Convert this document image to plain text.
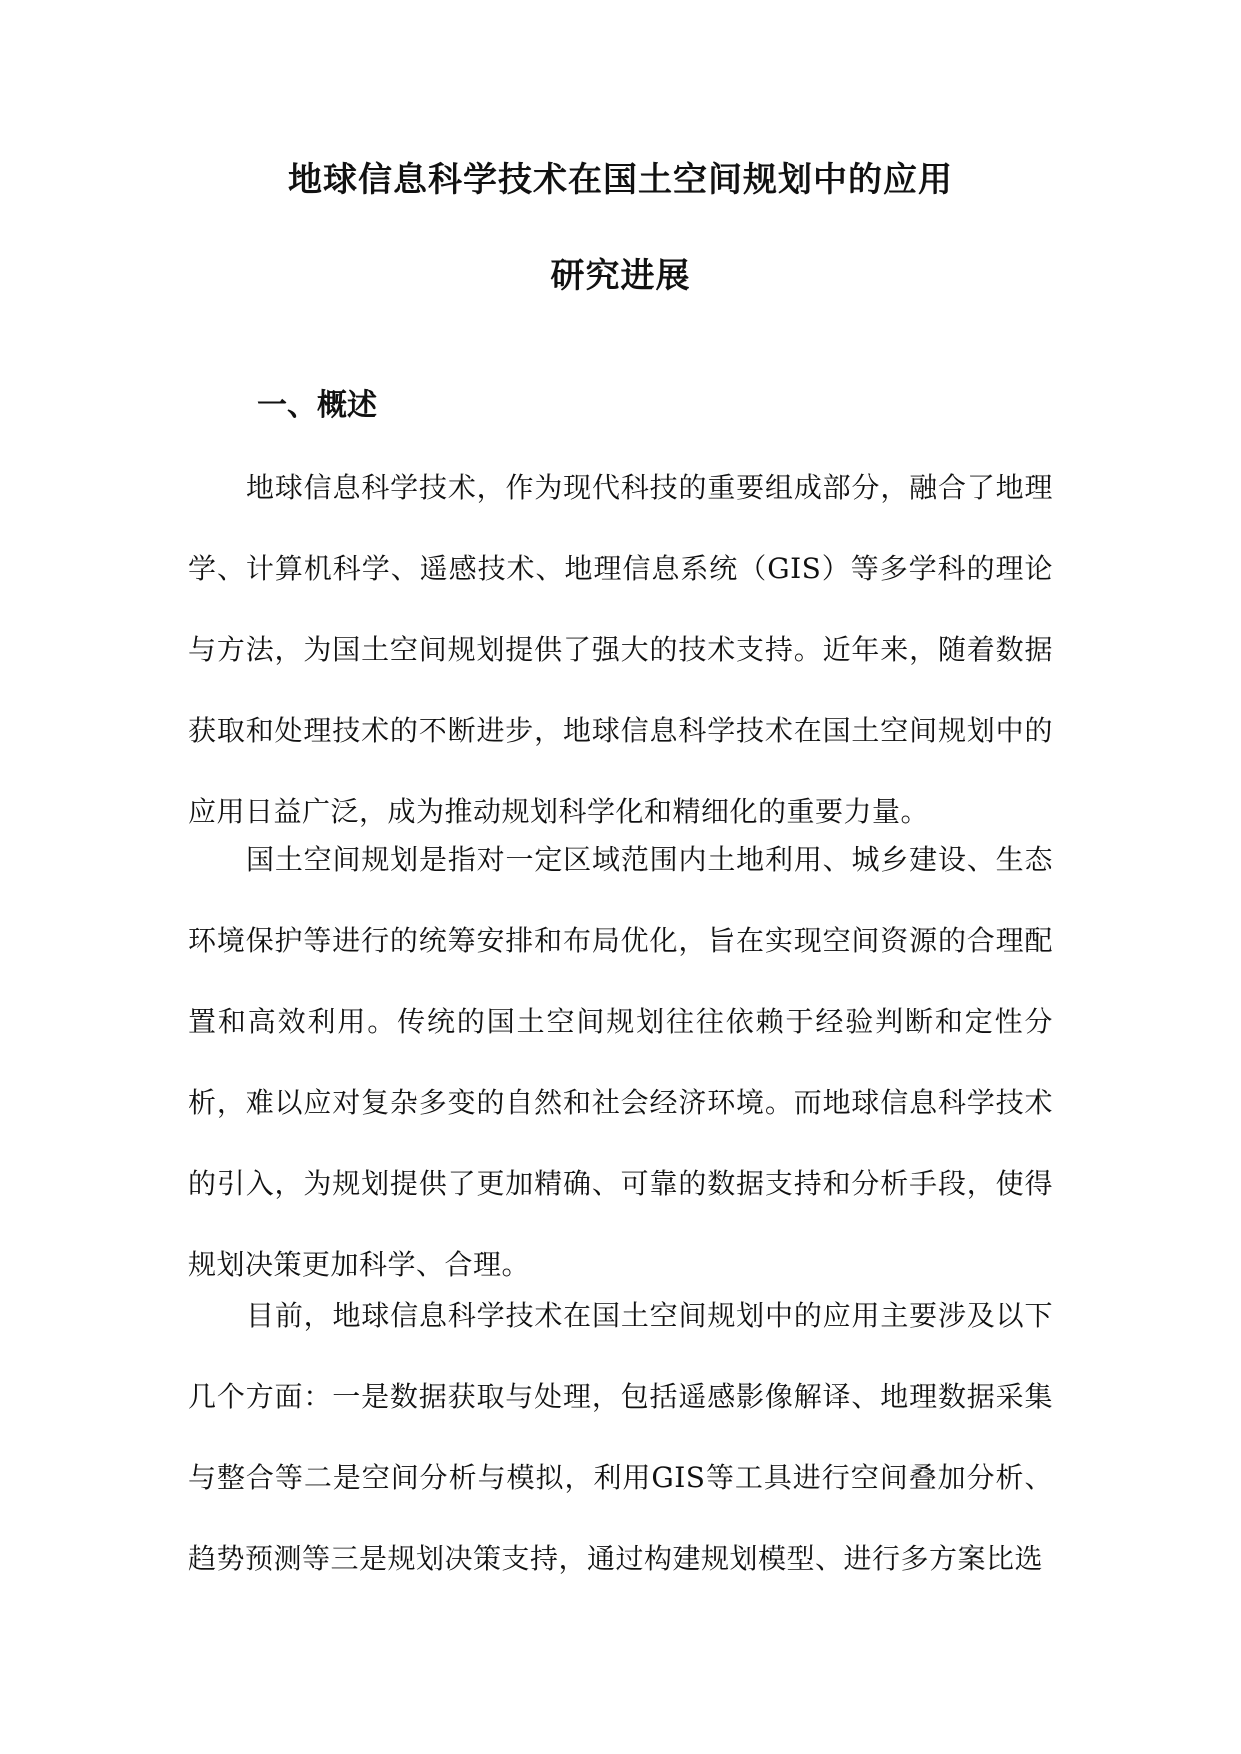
地球信息科学技术在国土空间规划中的应用
研究进展
一、概述

地球信息科学技术，作为现代科技的重要组成部分，融合了地理学、计算机科学、遥感技术、地理信息系统（GIS）等多学科的理论与方法，为国土空间规划提供了强大的技术支持。近年来，随着数据获取和处理技术的不断进步，地球信息科学技术在国土空间规划中的应用日益广泛，成为推动规划科学化和精细化的重要力量。

国土空间规划是指对一定区域范围内土地利用、城乡建设、生态环境保护等进行的统筹安排和布局优化，旨在实现空间资源的合理配置和高效利用。传统的国土空间规划往往依赖于经验判断和定性分析，难以应对复杂多变的自然和社会经济环境。而地球信息科学技术的引入，为规划提供了更加精确、可靠的数据支持和分析手段，使得规划决策更加科学、合理。

目前，地球信息科学技术在国土空间规划中的应用主要涉及以下几个方面：一是数据获取与处理，包括遥感影像解译、地理数据采集与整合等二是空间分析与模拟，利用GIS等工具进行空间叠加分析、趋势预测等三是规划决策支持，通过构建规划模型、进行多方案比选
